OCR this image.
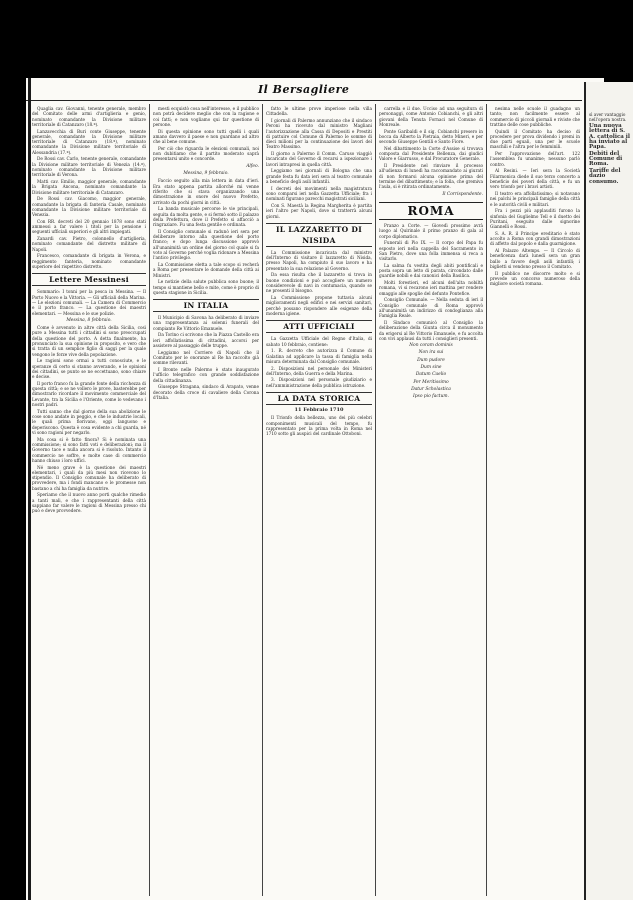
Il Bersagliere

Quaglia cav. Giovanni, tenente generale, membro del Comitato delle armi d'artiglieria e genio, nominato comandante la Divisione militare territoriale di Catanzaro (18.ª).

Lanzavecchia di Buri conte Giuseppe, tenente generale, comandante la Divisione militare territoriale di Catanzaro (18.ª), nominato comandante la Divisione militare territoriale di Alessandria (17.ª).

De Rossi cav. Carlo, tenente generale, comandante la Divisione militare territoriale di Venezia (14.ª), nominato comandante la Divisione militare territoriale di Verona.

Matti cav. Emilio, maggior generale, comandante la Brigata Ancona, nominato comandante la Divisione militare territoriale di Catanzaro.

De Rossi cav. Giacomo, maggior generale, comandante la brigata di fanteria Casale, nominato comandante la Divisione militare territoriale di Venezia.

Con RR. decreti del 20 gennaio 1878 sono stati ammessi a far valere i titoli per la pensione i seguenti ufficiali superiori e gli altri impiegati.

Zanardi cav. Pietro, colonnello d'artiglieria, nominato comandante del distretto militare di Napoli.

Francesco, comandante di brigata in Verona, e reggimento fanteria, nominato comandante superiore del rispettivo distretto.

Lettere Messinesi

Sommario: I tonni per la pesca in Messina. — Il Porto Nuovo e la Vittoria. — Gli ufficiali della Marina. — Le elezioni comunali. — La Camera di Commercio e il porto franco. — La questione dei maestri elementari. — Messina e le sue polizie.

Messina, 8 febbraio.

Come è avvenuto in altre città della Sicilia, così pure a Messina tutti i cittadini si sono preoccupati della questione del porto. A detta finalmente, ha pronunciato la sua opinione in proposito, e vero che si tratta di un semplice figlio di saggi per la quale vengono le forze vive della popolazione.

Le ragioni sono ormai a tutti conosciute, e le speranze di certo si stanno avverando, e le opinioni dei cittadini, se punto se ne eccettuano, sono chiare e decise.

Il porto franco fu la grande fonte della ricchezza di questa città; e se ne vollero le prove, basterebbe per dimostrarlo ricordare il movimento commerciale del Levante, tra la Sicilia e l'Oriente, come lo vedevano i nostri padri.

Tutti sanno che dal giorno della sua abolizione le cose sono andate in peggio, e che le industrie locali, le quali prima fiorivano, oggi languono e deperiscono. Questa è cosa evidente a chi guarda, né vi sono ragioni per negarlo.

Ma cosa si è fatto finora? Si è nominata una commissione; si sono fatti voti e deliberazioni; ma il Governo tace e nulla ancora si è risoluto. Intanto il commercio ne soffre, e molte case di commercio hanno chiuso i loro uffici.

Né meno grave è la questione dei maestri elementari, i quali da più mesi non ricevono lo stipendio. Il Consiglio comunale ha deliberato di provvedere, ma i fondi mancano e le promesse non bastano a chi ha famiglia da nutrire.

Speriamo che il nuovo anno porti qualche rimedio a tanti mali, e che i rappresentanti della città sappiano far valere le ragioni di Messina presso chi può e deve provvedere.

mesti ecquistò cosa nell'interesse, e il pubblico non potrà decidere meglio che con la ragione e coi fatti; e non vogliamo qui far questione di persone.

Di questa opinione sono tutti quelli i quali amano davvero il paese e non guardano ad altro che al bene comune.

Per ciò che riguarda le elezioni comunali, noi non dubitiamo che il partito moderato saprà presentarsi unito e concorde.

Alfeo.
Messina, 9 febbraio.

Faccio seguito alla mia lettera in data d'ieri. Era stato appena partita allorché mi venne riferito che si stava organizzando una dimostrazione in onore del nuovo Prefetto, arrivato da pochi giorni in città.

La banda musicale percorse le vie principali, seguita da molta gente, e si fermò sotto il palazzo della Prefettura, dove il Prefetto si affacciò a ringraziare. Fu una festa gentile e ordinata.

Il Consiglio comunale si radunò ieri sera per deliberare intorno alla questione del porto franco; e dopo lunga discussione approvò all'unanimità un ordine del giorno col quale si fa voto al Governo perché voglia ridonare a Messina l'antico privilegio.

La Commissione eletta a tale scopo si recherà a Roma per presentare le domande della città ai Ministri.

Le notizie della salute pubblica sono buone; il tempo si mantiene bello e mite, come è proprio di questa stagione in Sicilia.

IN ITALIA

Il Municipio di Savona ha deliberato di inviare una rappresentanza ai solenni funerali del compianto Re Vittorio Emanuele.

Da Torino ci scrivono che la Piazza Castello era ieri affollatissima di cittadini, accorsi per assistere al passaggio delle truppe.

Leggiamo nel Corriere di Napoli che il Comitato per le onoranze al Re ha raccolto già somme rilevanti.

I Bronte nelle Palermo è stato inaugurato l'ufficio telegrafico con grande soddisfazione della cittadinanza.

Giuseppe Stragana, sindaco di Arapato, venne decorato della croce di cavaliere della Corona d'Italia.

fatto le ultime prove imperiose nella villa Cittadella.

I giornali di Palermo annunziano che il sindaco Peroni ha ricevuto dal ministro Magliani l'autorizzazione alla Cassa di Depositi e Prestiti di pattuire col Comune di Palermo le somme di dieci milioni per la continuazione dei lavori del Teatro Massimo.

Il giorno a Palermo il Comm. Caruso viaggiò incaricato del Governo di recarsi a ispezionare i lavori intrapresi in quella città.

Leggiamo nei giornali di Bologna che una grande festa fu data ieri sera al teatro comunale a beneficio degli asili infantili.

I decreti dei movimenti nella magistratura sono comparsi ieri nella Gazzetta Ufficiale; fra i nominati figurano parecchi magistrati siciliani.

Con S. Maestà la Regina Margherita è partita ieri l'altro per Napoli, dove si tratterrà alcuni giorni.

IL LAZZARETTO DI NISIDA

La Commissione incaricata dal ministro dell'Interno di visitare il lazzaretto di Nisida, presso Napoli, ha compiuto il suo lavoro e ha presentato la sua relazione al Governo.

Da essa risulta che il lazzaretto si trova in buone condizioni e può accogliere un numero considerevole di navi in contumacia, quando se ne presenti il bisogno.

La Commissione propone tuttavia alcuni miglioramenti negli edifici e nei servizi sanitari, perché possano rispondere alle esigenze della moderna igiene.

ATTI UFFICIALI

La Gazzetta Ufficiale del Regno d'Italia, di sabato 10 febbraio, contiene:

1. R. decreto che autorizza il Comune di Galatina ad applicare la tassa di famiglia nella misura determinata dal Consiglio comunale.

2. Disposizioni nel personale dei Ministeri dell'Interno, della Guerra e della Marina.

3. Disposizioni nel personale giudiziario e nell'amministrazione della pubblica istruzione.

LA DATA STORICA
11 Febbraio 1710

Il Trionfo della bellezza, uno dei più celebri componimenti musicali del tempo, fu rappresentato per la prima volta in Roma nel 1710 sotto gli auspici del cardinale Ottoboni.

carrella e il due. Ucciso ad una seguitura di personaggi, come Antonio Cobianchi, e gli altri giovani della Tenuta Fornaci nel Comune di Monreale.

Ponte Garibaldi e il sig. Cobianchi presero in bocca da Alberto la Pietraia, detto Mineri, e per secondo Giuseppe Gentili e Santo Fiore.

Nel dibattimento la Corte d'Assise si trovava composta dal Presidente Bellenza, dai giudici Valore e Giarrusso, e dal Procuratore Generale.

Il Presidente nel rinviare il processo all'udienza di lunedì ha raccomandato ai giurati di non formarsi alcuna opinione prima del termine del dibattimento; e la folla, che gremiva l'aula, si è ritirata ordinatamente.

Il Corrispondente.
ROMA

Pranzo a Corte. — Giovedì prossimo avrà luogo al Quirinale il primo pranzo di gala al corpo diplomatico.

Funerali di Pio IX. — Il corpo del Papa fu esposto ieri nella cappella del Sacramento in San Pietro, dove una folla immensa si reca a visitarlo.

La salma fu vestita degli abiti pontificali e posta sopra un letto di parata, circondato dalle guardie nobili e dai canonici della Basilica.

Molti forestieri, ed alcuni dell'alta nobiltà romana, vi si recarono ieri mattina per rendere omaggio alle spoglie del defunto Pontefice.

Consiglio Comunale. — Nella seduta di ieri il Consiglio comunale di Roma approvò all'unanimità un indirizzo di condoglianza alla Famiglia Reale.

Il Sindaco comunicò al Consiglio la deliberazione della Giunta circa il monumento da erigersi al Re Vittorio Emanuele, e fu accolta con vivi applausi da tutti i consiglieri presenti.

Non coram dominis
Non ira sui
Dum pudore
Dum sine
Datum Caelio
Per Meritissimo
Datur Scholastica
Ipso pio factum.

nesima nelle scuole il guadagno un tanto; non facilmente essere al commercio di piccoli giornali e riviste che trattino delle cose pubbliche.

Quindi il Comitato ha deciso di procedere per prova dividendo i premi in due parti eguali, una per le scuole maschili e l'altra per le femminili.

Per l'approvazione dell'art. 122 l'assemblea fu unanime; nessuno parlò contro.

Al Resini. — Ieri sera la Società Filarmonica diede il suo terzo concerto a beneficio dei poveri della città, e fu un vero trionfo per i bravi artisti.

Il teatro era affollatissimo; si notavano nei palchi le principali famiglie della città e le autorità civili e militari.

Fra i pezzi più applauditi furono la sinfonia del Guglielmo Tell e il duetto dei Puritani, eseguito dalle signorine Giannelli e Rossi.

S. A. R. il Principe ereditario è stato accolto a Roma con grandi dimostrazioni di affetto dal popolo e dalla guarnigione.

Al Palazzo Altemps. — Il Circolo di beneficenza darà lunedì sera un gran ballo a favore degli asili infantili; i biglietti si vendono presso il Comitato.

Il pubblico ne discorre molto e si prevede un concorso numeroso della migliore società romana.

sì aver vantaggio nell'opera nostra.

Una nuova lettera di S. A. cattolica il ha inviato al Papa.

Debiti del Comune di Roma.

Tariffe del dazio consumo.
